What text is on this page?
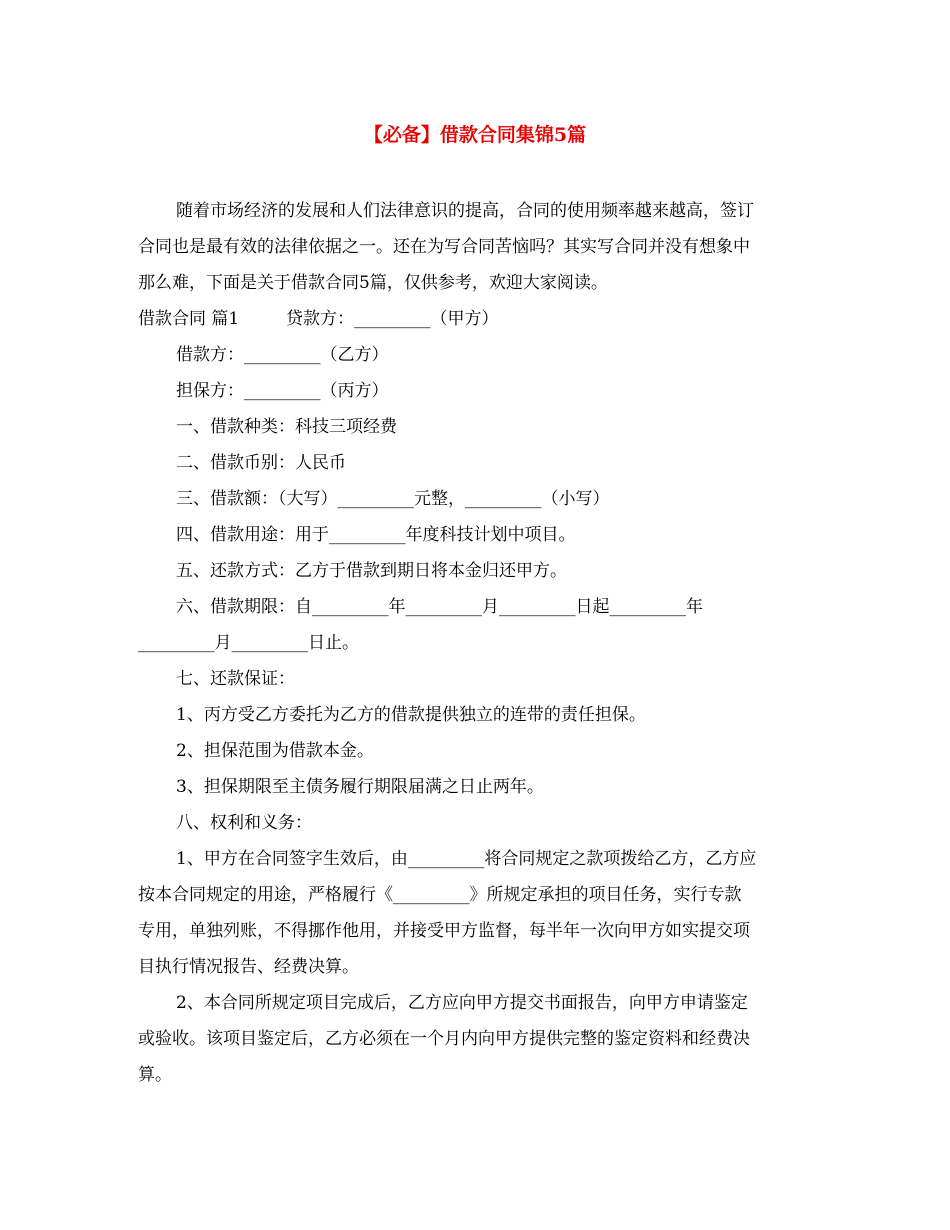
【必备】借款合同集锦5篇
随着市场经济的发展和人们法律意识的提高，合同的使用频率越来越高，签订
合同也是最有效的法律依据之一。还在为写合同苦恼吗？其实写合同并没有想象中
那么难，下面是关于借款合同5篇，仅供参考，欢迎大家阅读。
借款合同 篇1	贷款方：_________（甲方）
借款方：_________（乙方）
担保方：_________（丙方）
一、借款种类：科技三项经费
二、借款币别：人民币
三、借款额：（大写）_________元整，_________（小写）
四、借款用途：用于_________年度科技计划中项目。
五、还款方式：乙方于借款到期日将本金归还甲方。
六、借款期限：自_________年_________月_________日起_________年
_________月_________日止。
七、还款保证：
1、丙方受乙方委托为乙方的借款提供独立的连带的责任担保。
2、担保范围为借款本金。
3、担保期限至主债务履行期限届满之日止两年。
八、权利和义务：
1、甲方在合同签字生效后，由_________将合同规定之款项拨给乙方，乙方应
按本合同规定的用途，严格履行《_________》所规定承担的项目任务，实行专款
专用，单独列账，不得挪作他用，并接受甲方监督，每半年一次向甲方如实提交项
目执行情况报告、经费决算。
2、本合同所规定项目完成后，乙方应向甲方提交书面报告，向甲方申请鉴定
或验收。该项目鉴定后，乙方必须在一个月内向甲方提供完整的鉴定资料和经费决
算。
